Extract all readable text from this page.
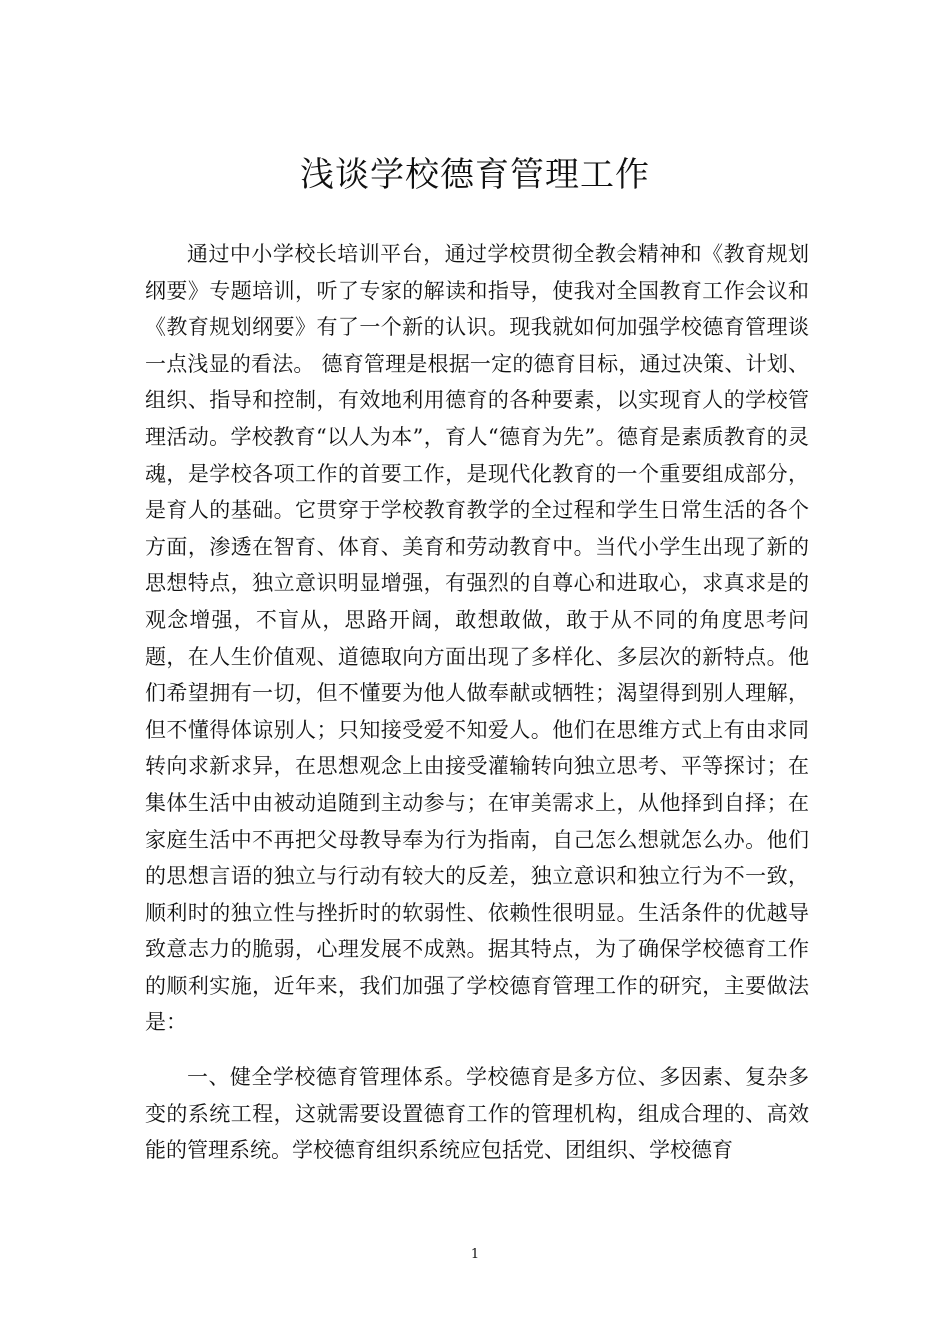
浅谈学校德育管理工作

通过中小学校长培训平台，通过学校贯彻全教会精神和《教育规划纲要》专题培训，听了专家的解读和指导，使我对全国教育工作会议和《教育规划纲要》有了一个新的认识。现我就如何加强学校德育管理谈一点浅显的看法。 德育管理是根据一定的德育目标，通过决策、计划、组织、指导和控制，有效地利用德育的各种要素，以实现育人的学校管理活动。学校教育“以人为本”，育人“德育为先”。德育是素质教育的灵魂，是学校各项工作的首要工作，是现代化教育的一个重要组成部分，是育人的基础。它贯穿于学校教育教学的全过程和学生日常生活的各个方面，渗透在智育、体育、美育和劳动教育中。当代小学生出现了新的思想特点，独立意识明显增强，有强烈的自尊心和进取心，求真求是的观念增强，不盲从，思路开阔，敢想敢做，敢于从不同的角度思考问题，在人生价值观、道德取向方面出现了多样化、多层次的新特点。他们希望拥有一切，但不懂要为他人做奉献或牺牲；渴望得到别人理解，但不懂得体谅别人；只知接受爱不知爱人。他们在思维方式上有由求同转向求新求异，在思想观念上由接受灌输转向独立思考、平等探讨；在集体生活中由被动追随到主动参与；在审美需求上，从他择到自择；在家庭生活中不再把父母教导奉为行为指南，自己怎么想就怎么办。他们的思想言语的独立与行动有较大的反差，独立意识和独立行为不一致，顺利时的独立性与挫折时的软弱性、依赖性很明显。生活条件的优越导致意志力的脆弱，心理发展不成熟。据其特点，为了确保学校德育工作的顺利实施，近年来，我们加强了学校德育管理工作的研究，主要做法是：

一、健全学校德育管理体系。学校德育是多方位、多因素、复杂多变的系统工程，这就需要设置德育工作的管理机构，组成合理的、高效能的管理系统。学校德育组织系统应包括党、团组织、学校德育

1
